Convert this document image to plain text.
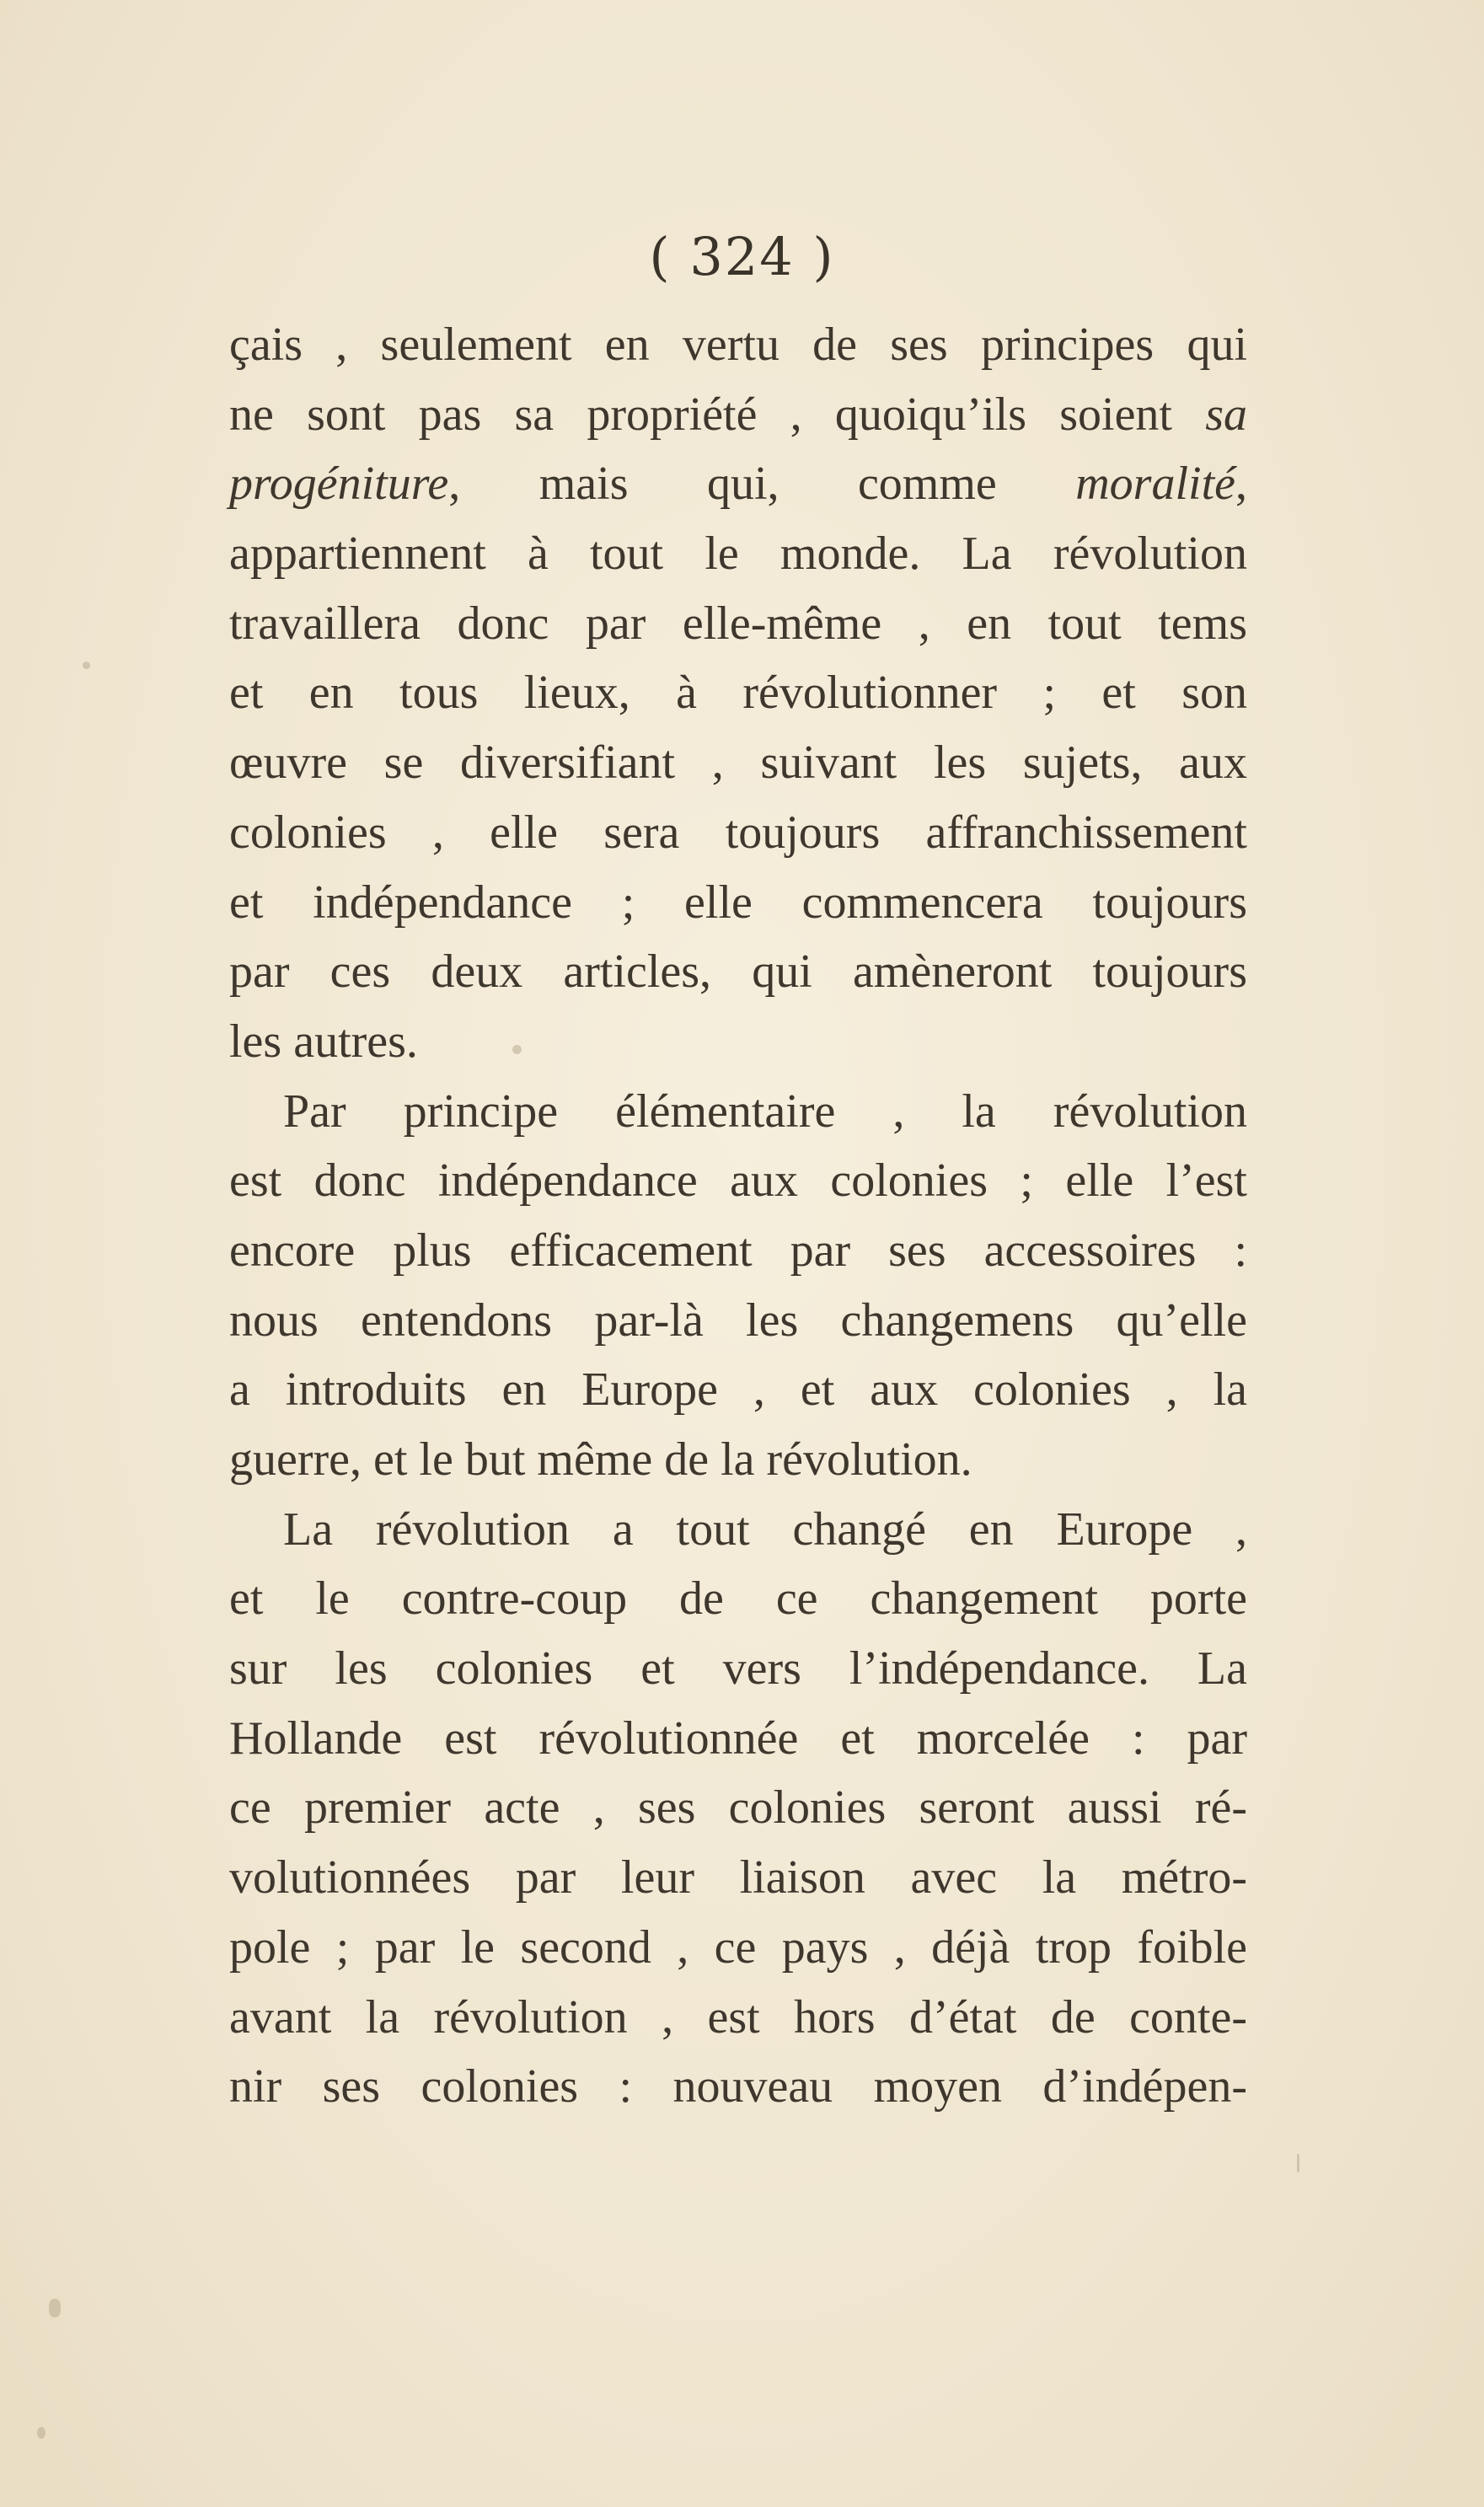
( 324 )
çais , seulement en vertu de ses principes qui
ne sont pas sa propriété , quoiqu’ils soient sa
progéniture, mais qui, comme moralité,
appartiennent à tout le monde. La révolution
travaillera donc par elle-même , en tout tems
et en tous lieux, à révolutionner ; et son
œuvre se diversifiant , suivant les sujets, aux
colonies , elle sera toujours affranchissement
et indépendance ; elle commencera toujours
par ces deux articles, qui amèneront toujours
les autres.
Par principe élémentaire , la révolution
est donc indépendance aux colonies ; elle l’est
encore plus efficacement par ses accessoires :
nous entendons par-là les changemens qu’elle
a introduits en Europe , et aux colonies , la
guerre, et le but même de la révolution.
La révolution a tout changé en Europe ,
et le contre-coup de ce changement porte
sur les colonies et vers l’indépendance. La
Hollande est révolutionnée et morcelée : par
ce premier acte , ses colonies seront aussi ré-
volutionnées par leur liaison avec la métro-
pole ; par le second , ce pays , déjà trop foible
avant la révolution , est hors d’état de conte-
nir ses colonies : nouveau moyen d’indépen-
